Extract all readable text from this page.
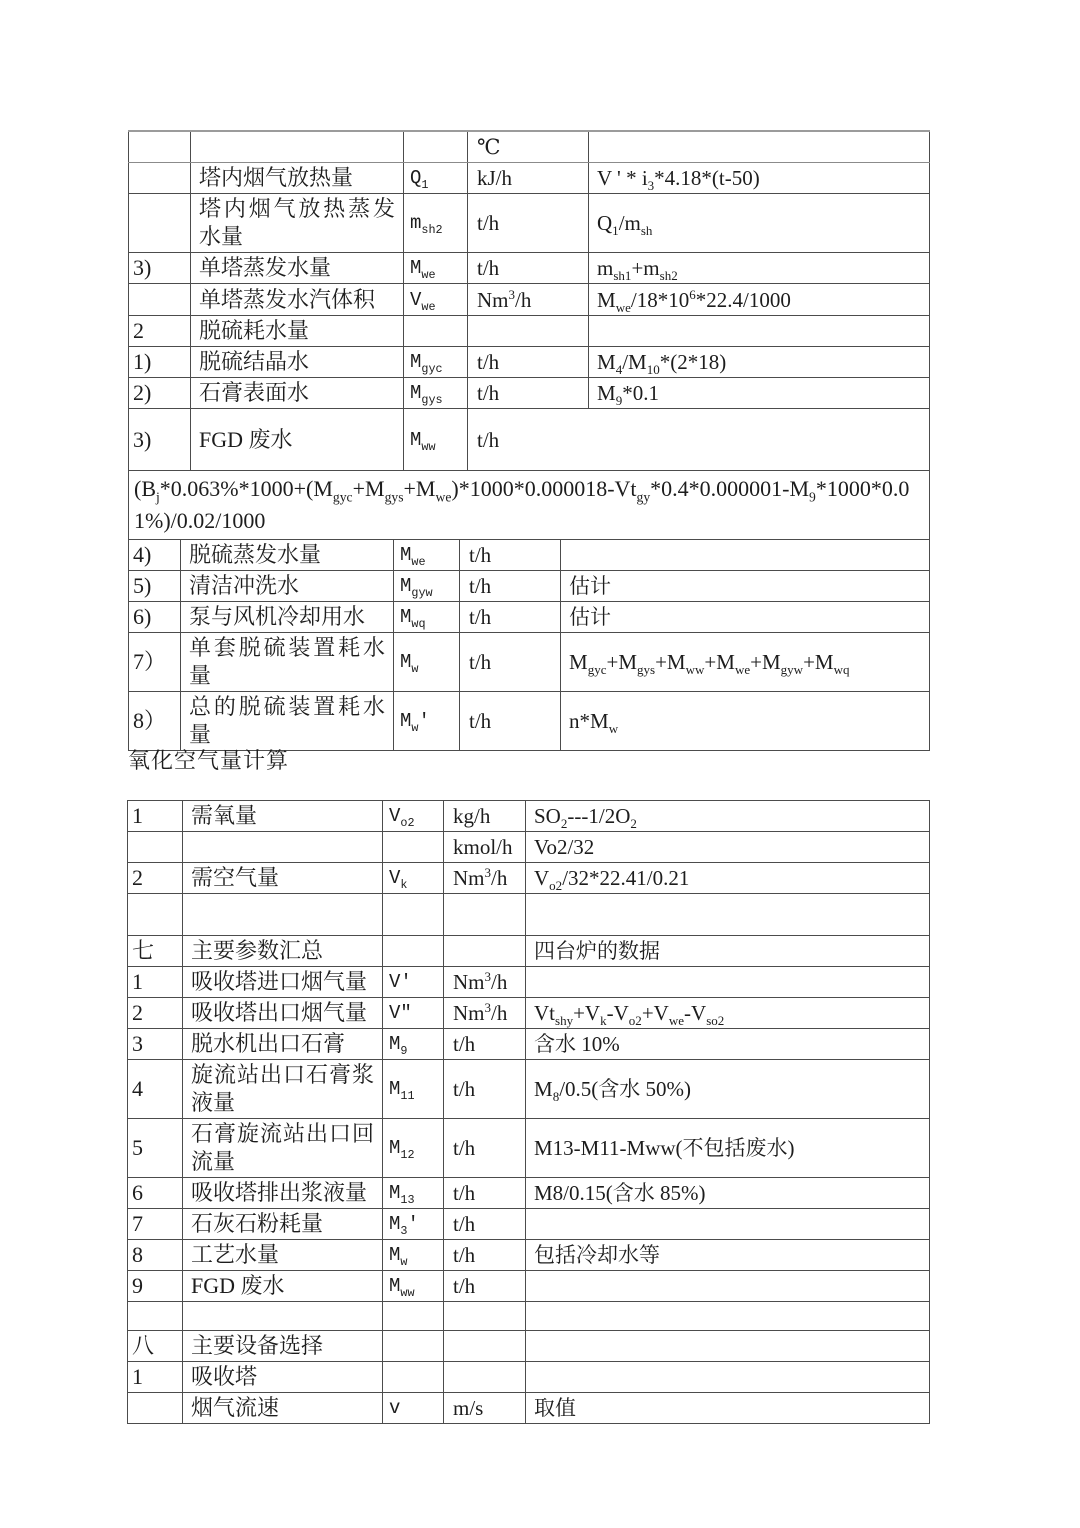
			℃	
	塔内烟气放热量	$Q_1$	kJ/h	V ' * $i_3*4.18*(t-50)$
	塔内烟气放热蒸发水量	$m_{sh2}$	t/h	$Q_1/m_{sh}$
3)	单塔蒸发水量	$M_{we}$	t/h	$m_{sh1}+m_{sh2}$
	单塔蒸发水汽体积	$V_{we}$	Nm$^3$/h	$M_{we}/18*10^6*22.4/1000$
2	脱硫耗水量			
1)	脱硫结晶水	$M_{gyc}$	t/h	$M_4/M_{10}*(2*18)$
2)	石膏表面水	$M_{gys}$	t/h	$M_9*0.1$
3)	FGD 废水	$M_{ww}$	t/h	
$(B_j*0.063\%*1000+(M_{gyc}+M_{gys}+M_{we})*1000*0.000018-Vt_{gy}*0.4*0.000001-M_9*1000*0.01\%)/0.02/1000$				
4)	脱硫蒸发水量	$M_{we}$	t/h	
5)	清洁冲洗水	$M_{gyw}$	t/h	估计
6)	泵与风机冷却用水	$M_{wq}$	t/h	估计
7）	单套脱硫装置耗水量	$M_w$	t/h	$M_{gyc}+M_{gys}+M_{ww}+M_{we}+M_{gyw}+M_{wq}$
8）	总的脱硫装置耗水量	$M_w'$	t/h	$n*M_w$
氧化空气量计算
1	需氧量	$V_{o2}$	kg/h	$SO_2---1/2O_2$
			kmol/h	Vo2/32
2	需空气量	$V_k$	Nm$^3$/h	$V_{o2}/32*22.41/0.21$

七	主要参数汇总			四台炉的数据
1	吸收塔进口烟气量	V'	Nm$^3$/h	
2	吸收塔出口烟气量	V″	Nm$^3$/h	$Vt_{shy}+V_k-V_{o2}+V_{we}-V_{so2}$
3	脱水机出口石膏	$M_9$	t/h	含水 10%
4	旋流站出口石膏浆液量	$M_{11}$	t/h	$M_8/0.5$(含水 50%)
5	石膏旋流站出口回流量	$M_{12}$	t/h	M13-M11-Mww(不包括废水)
6	吸收塔排出浆液量	$M_{13}$	t/h	M8/0.15(含水 85%)
7	石灰石粉耗量	$M_3'$	t/h	
8	工艺水量	$M_w$	t/h	包括冷却水等
9	FGD 废水	$M_{ww}$	t/h	

八	主要设备选择			
1	吸收塔			
	烟气流速	v	m/s	取值
